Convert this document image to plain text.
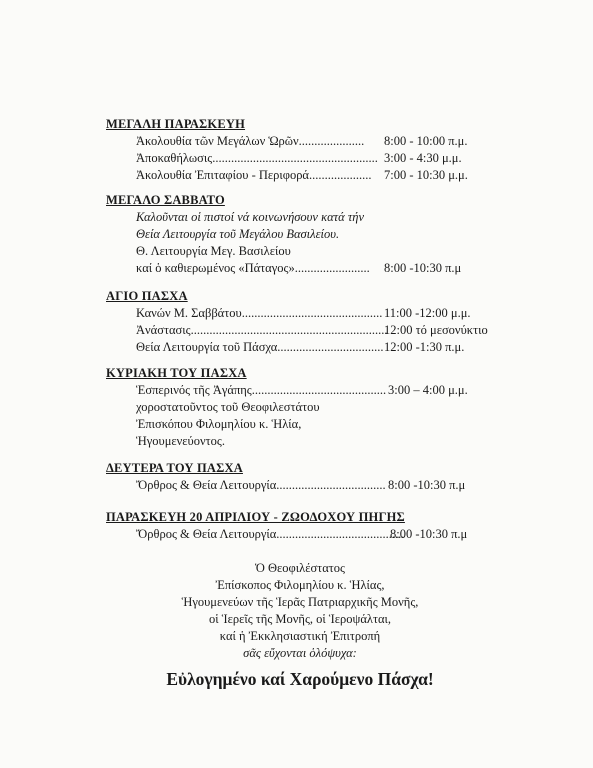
ΜΕΓΑΛΗ ΠΑΡΑΣΚΕΥΗ
Ἀκολουθία τῶν Μεγάλων Ὡρῶν..................... 8:00 - 10:00 π.μ.
Ἀποκαθήλωσις..................................................... 3:00 - 4:30 μ.μ.
Ἀκολουθία Ἐπιταφίου - Περιφορά.................... 7:00 - 10:30 μ.μ.
ΜΕΓΑΛΟ ΣΑΒΒΑΤΟ
Καλοῦνται οἱ πιστοί νά κοινωνήσουν κατά τήν
Θεία Λειτουργία τοῦ Μεγάλου Βασιλείου.
Θ. Λειτουργία Μεγ. Βασιλείου
καί ὁ καθιερωμένος «Πάταγος»........................ 8:00 -10:30 π.μ
ΑΓΙΟ ΠΑΣΧΑ
Κανών Μ. Σαββάτου............................................. 11:00 -12:00 μ.μ.
Ἀνάστασις...............................................................
12:00 τό μεσονύκτιο
Θεία Λειτουργία τοῦ Πάσχα.................................. 12:00 -1:30 π.μ.
ΚΥΡΙΑΚΗ ΤΟΥ ΠΑΣΧΑ
Ἑσπερινός τῆς Ἀγάπης........................................... 3:00 – 4:00 μ.μ.
χοροστατοῦντος τοῦ Θεοφιλεστάτου
Ἐπισκόπου Φιλομηλίου κ. Ἡλία,
Ἡγουμενεύοντος.
ΔΕΥΤΕΡΑ ΤΟΥ ΠΑΣΧΑ
Ὄρθρος & Θεία Λειτουργία................................... 8:00 -10:30 π.μ
ΠΑΡΑΣΚΕΥΗ 20 ΑΠΡΙΛΙΟΥ - ΖΩΟΔΟΧΟΥ ΠΗΓΗΣ
Ὄρθρος & Θεία Λειτουργία.........................................
8:00 -10:30 π.μ
Ὁ Θεοφιλέστατος
Ἐπίσκοπος Φιλομηλίου κ. Ἡλίας,
Ἡγουμενεύων τῆς Ἱερᾶς Πατριαρχικῆς Μονῆς,
οἱ Ἱερεῖς τῆς Μονῆς, οἱ Ἱεροψάλται,
καί ἡ Ἐκκλησιαστική Ἐπιτροπή
σᾶς εὔχονται ὁλόψυχα:
Εὐλογημένο καί Χαρούμενο Πάσχα!
